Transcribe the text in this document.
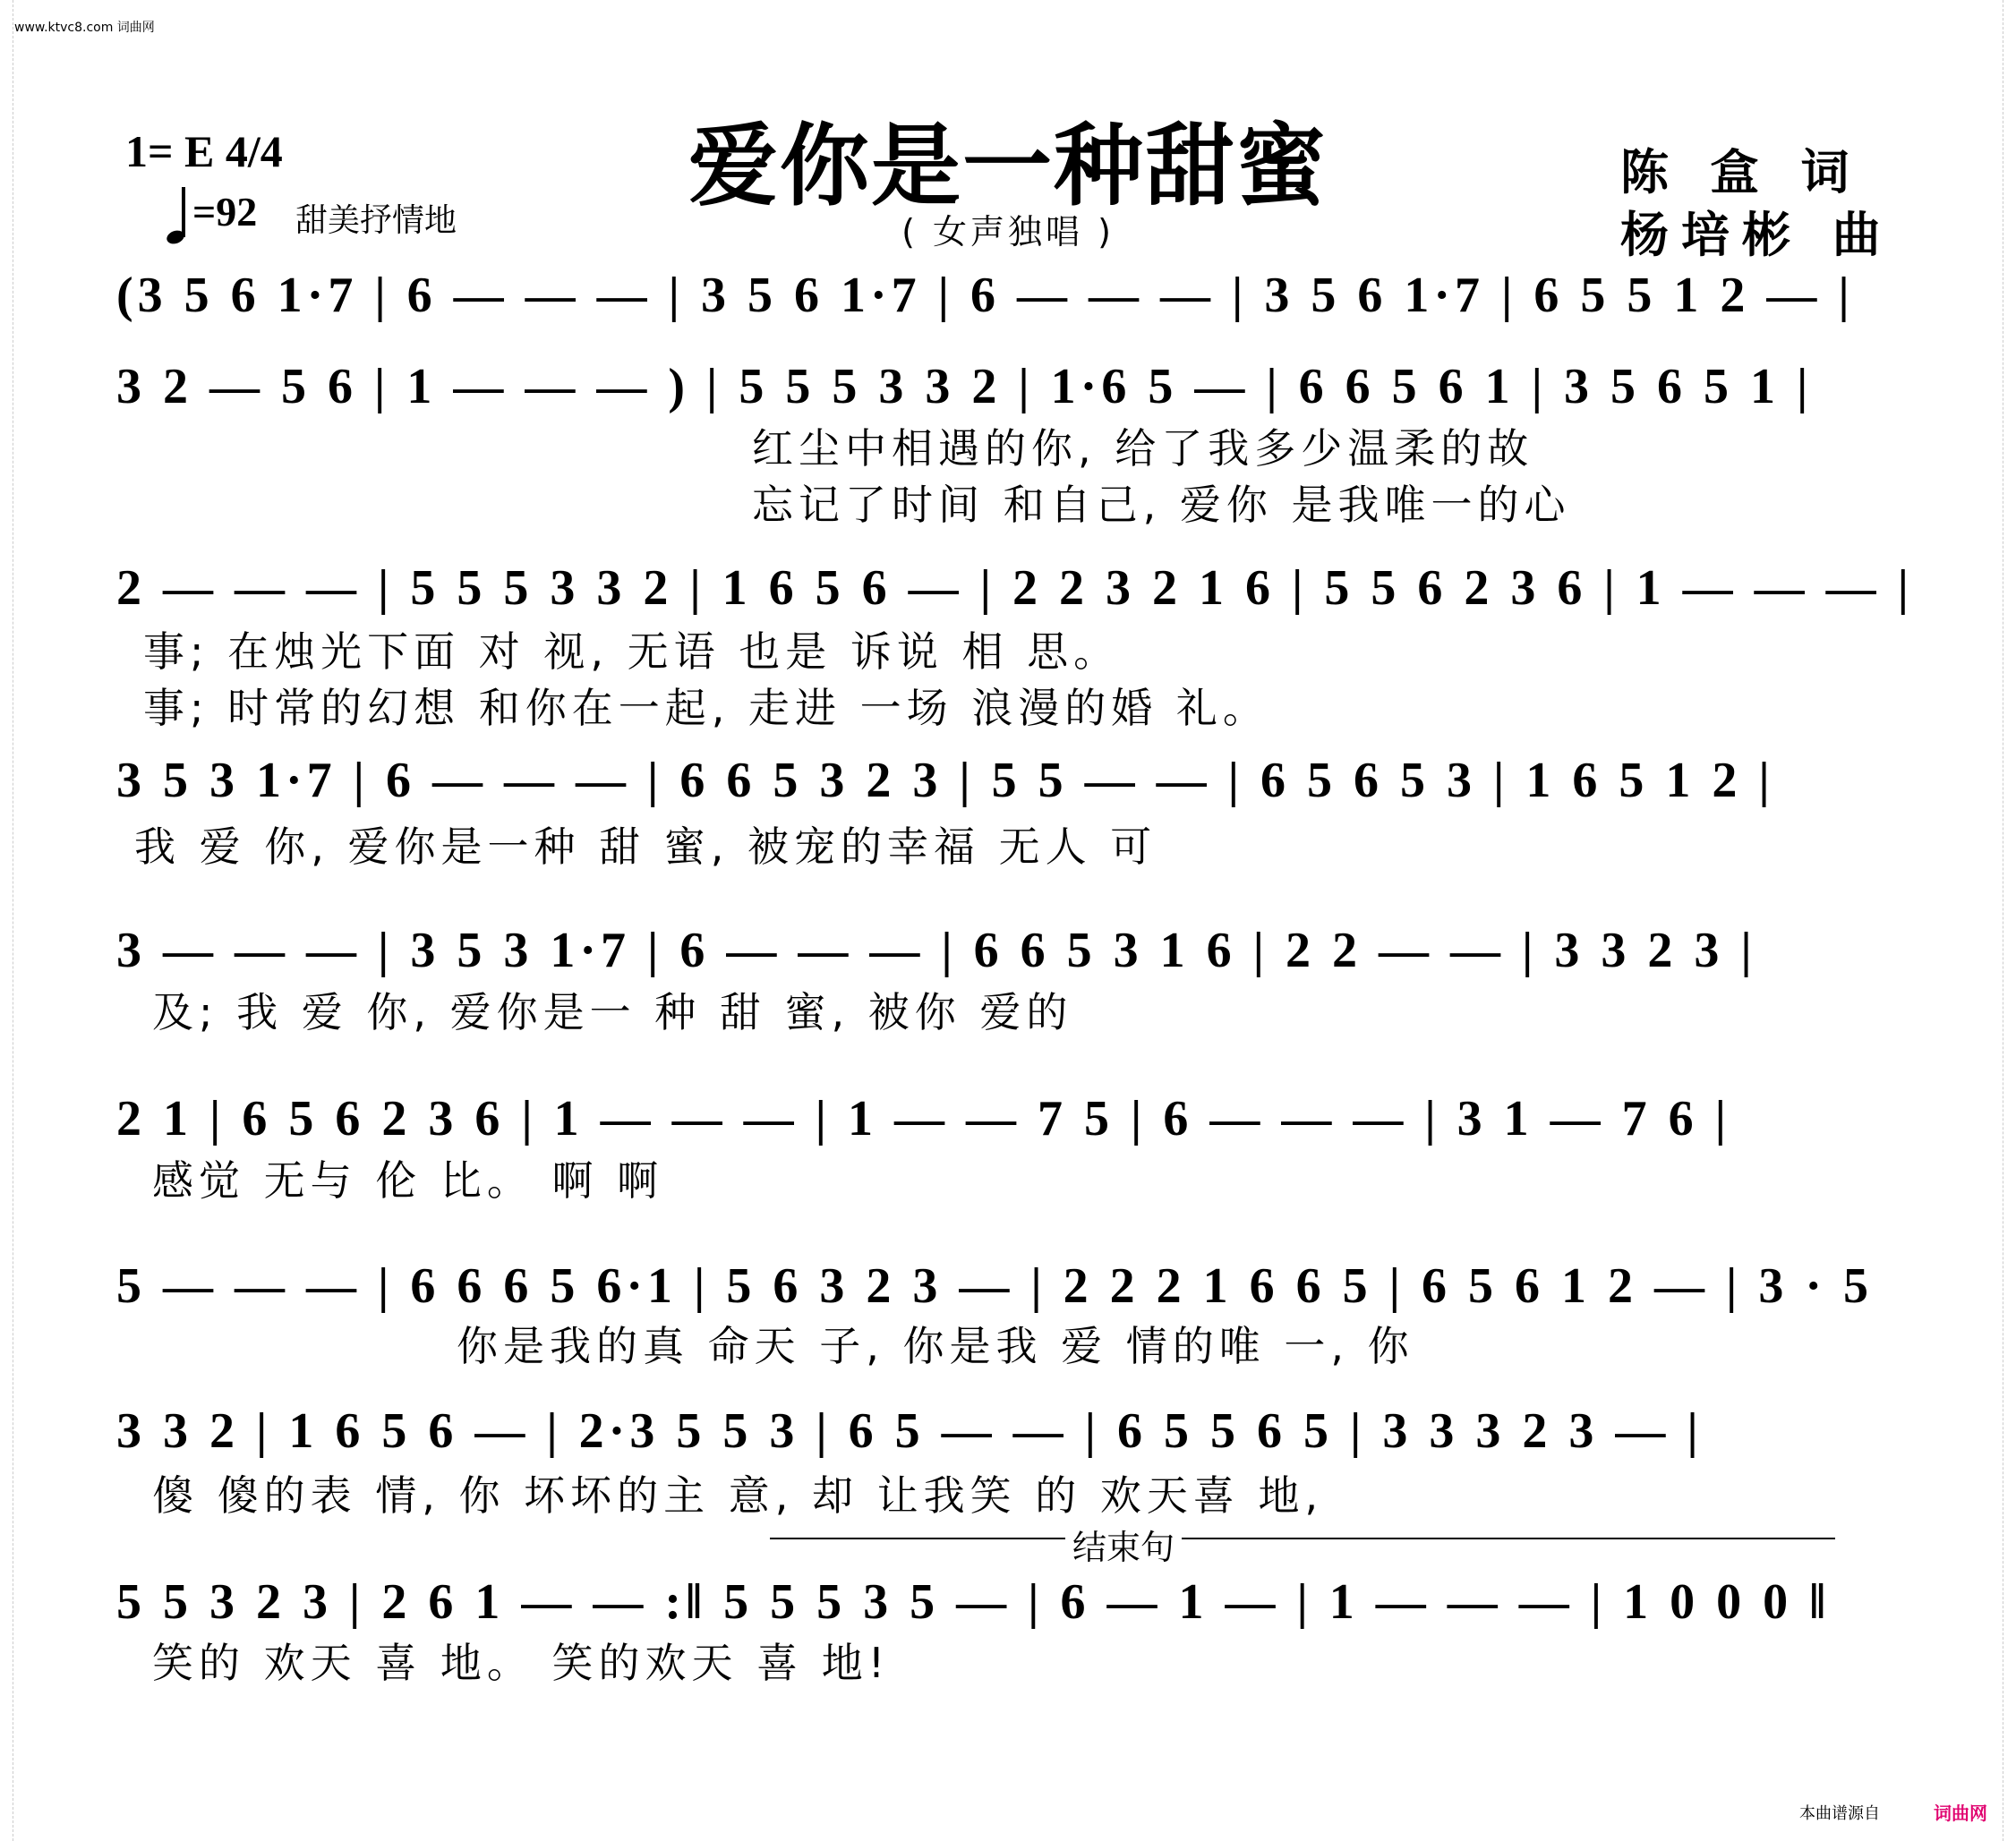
www.ktvc8.com 词曲网
1= E 4/4
=92 甜美抒情地
爱你是一种甜蜜
( 女声独唱 )
陈 盒 词
杨培彬 曲
(3 5 6 1·7 | 6 — — — | 3 5 6 1·7 | 6 — — — | 3 5 6 1·7 | 6 5 5 1 2 — |
3 2 — 5 6 | 1 — — — ) | 5 5 5 3 3 2 | 1·6 5 — | 6 6 5 6 1 | 3 5 6 5 1 |
2 — — — | 5 5 5 3 3 2 | 1 6 5 6 — | 2 2 3 2 1 6 | 5 5 6 2 3 6 | 1 — — — |
3 5 3 1·7 | 6 — — — | 6 6 5 3 2 3 | 5 5 — — | 6 5 6 5 3 | 1 6 5 1 2 |
3 — — — | 3 5 3 1·7 | 6 — — — | 6 6 5 3 1 6 | 2 2 — — | 3 3 2 3 |
2 1 | 6 5 6 2 3 6 | 1 — — — | 1 — — 7 5 | 6 — — — | 3 1 — 7 6 |
5 — — — | 6 6 6 5 6·1 | 5 6 3 2 3 — | 2 2 2 1 6 6 5 | 6 5 6 1 2 — | 3 · 5
3 3 2 | 1 6 5 6 — | 2·3 5 5 3 | 6 5 — — | 6 5 5 6 5 | 3 3 3 2 3 — |
5 5 3 2 3 | 2 6 1 — — :‖ 5 5 5 3 5 — | 6 — 1 — | 1 — — — | 1 0 0 0 ‖
红尘中相遇的你, 给了我多少温柔的故
忘记了时间 和自己, 爱你 是我唯一的心
事; 在烛光下面 对 视, 无语 也是 诉说 相 思。
事; 时常的幻想 和你在一起, 走进 一场 浪漫的婚 礼。
我 爱 你, 爱你是一种 甜 蜜, 被宠的幸福 无人 可
及; 我 爱 你, 爱你是一 种 甜 蜜, 被你 爱的
感觉 无与 伦 比。 啊 啊
你是我的真 命天 子, 你是我 爱 情的唯 一, 你
傻 傻的表 情, 你 坏坏的主 意, 却 让我笑 的 欢天喜 地,
笑的 欢天 喜 地。 笑的欢天 喜 地!
结束句
本曲谱源自	词曲网
